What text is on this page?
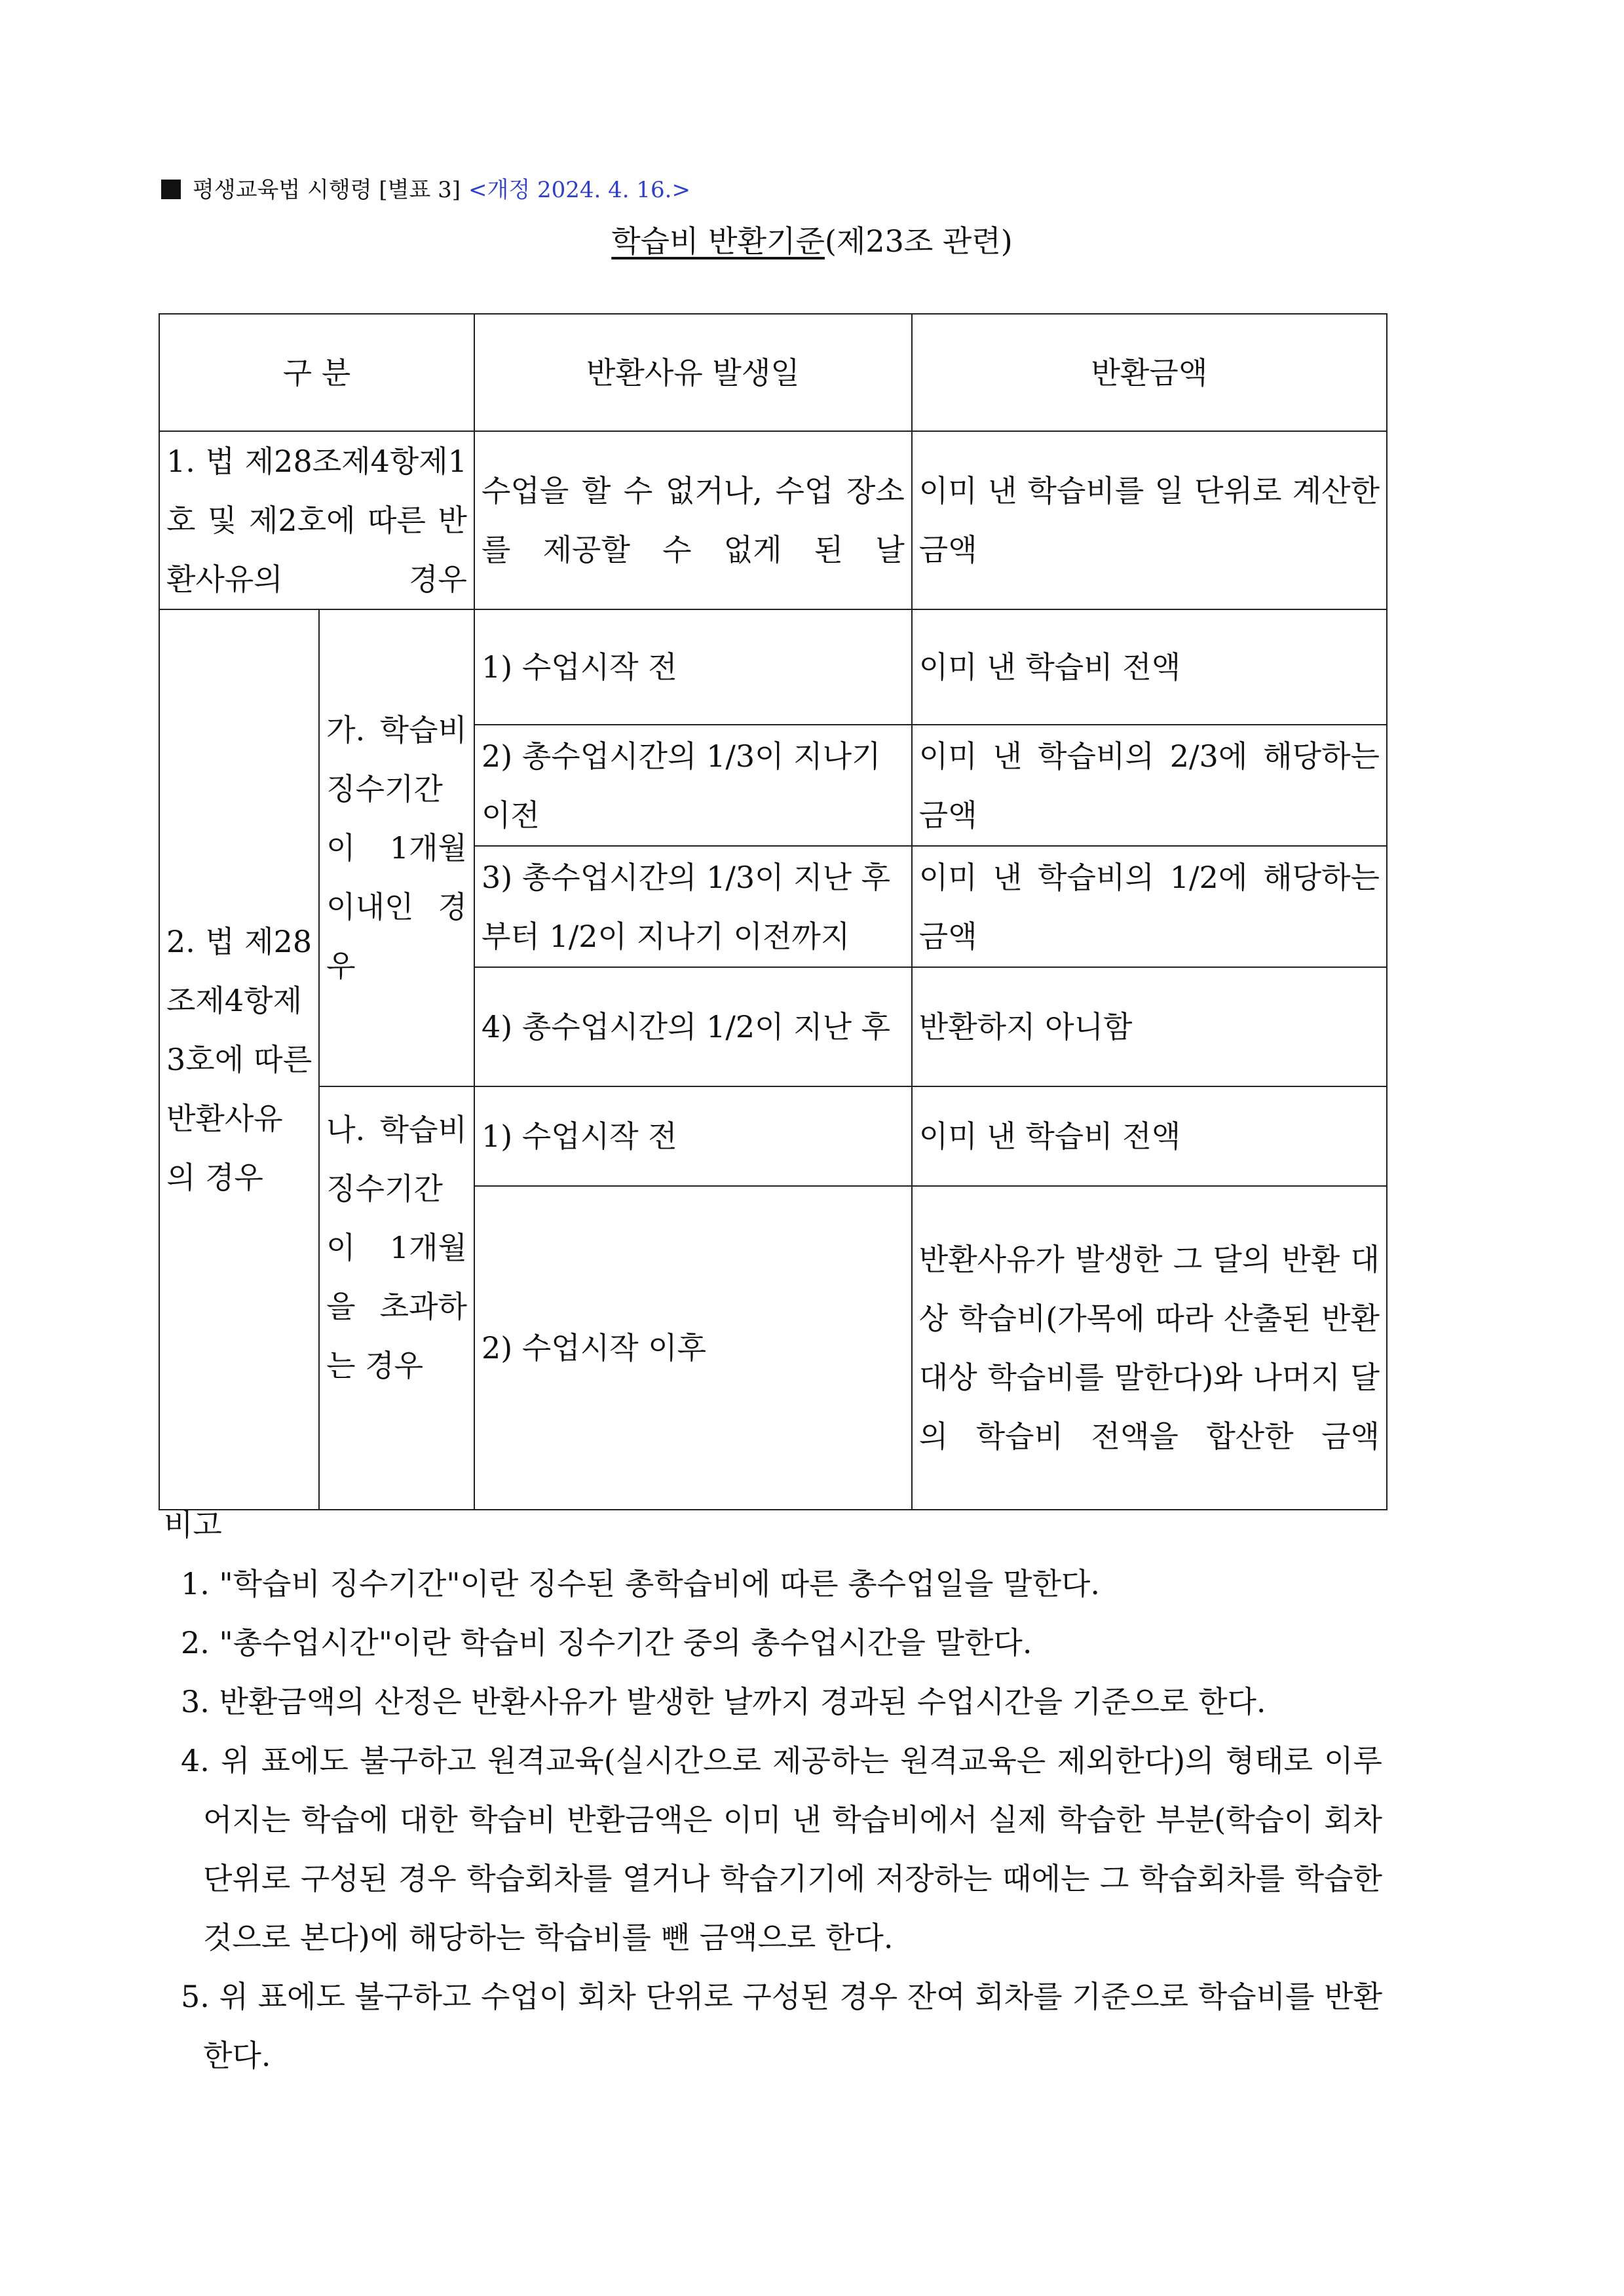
평생교육법 시행령 [별표 3] <개정 2024. 4. 16.>
학습비 반환기준(제23조 관련)
구 분		반환사유 발생일	반환금액

1. 법 제28조제4항제1호 및 제2호에 따른 반환사유의 경우		수업을 할 수 없거나, 수업 장소를 제공할 수 없게 된 날	이미 낸 학습비를 일 단위로 계산한 금액

2. 법 제28조제4항제3호에 따른 반환사유의 경우	가. 학습비 징수기간이 1개월 이내인 경우	1) 수업시작 전	이미 낸 학습비 전액
		2) 총수업시간의 1/3이 지나기 이전	이미 낸 학습비의 2/3에 해당하는 금액
		3) 총수업시간의 1/3이 지난 후부터 1/2이 지나기 이전까지	이미 낸 학습비의 1/2에 해당하는 금액
		4) 총수업시간의 1/2이 지난 후	반환하지 아니함

	나. 학습비 징수기간이 1개월을 초과하는 경우	1) 수업시작 전	이미 낸 학습비 전액
		2) 수업시작 이후	반환사유가 발생한 그 달의 반환 대상 학습비(가목에 따라 산출된 반환 대상 학습비를 말한다)와 나머지 달의 학습비 전액을 합산한 금액
비고
1. "학습비 징수기간"이란 징수된 총학습비에 따른 총수업일을 말한다.
2. "총수업시간"이란 학습비 징수기간 중의 총수업시간을 말한다.
3. 반환금액의 산정은 반환사유가 발생한 날까지 경과된 수업시간을 기준으로 한다.
4. 위 표에도 불구하고 원격교육(실시간으로 제공하는 원격교육은 제외한다)의 형태로 이루어지는 학습에 대한 학습비 반환금액은 이미 낸 학습비에서 실제 학습한 부분(학습이 회차 단위로 구성된 경우 학습회차를 열거나 학습기기에 저장하는 때에는 그 학습회차를 학습한 것으로 본다)에 해당하는 학습비를 뺀 금액으로 한다.
5. 위 표에도 불구하고 수업이 회차 단위로 구성된 경우 잔여 회차를 기준으로 학습비를 반환한다.
